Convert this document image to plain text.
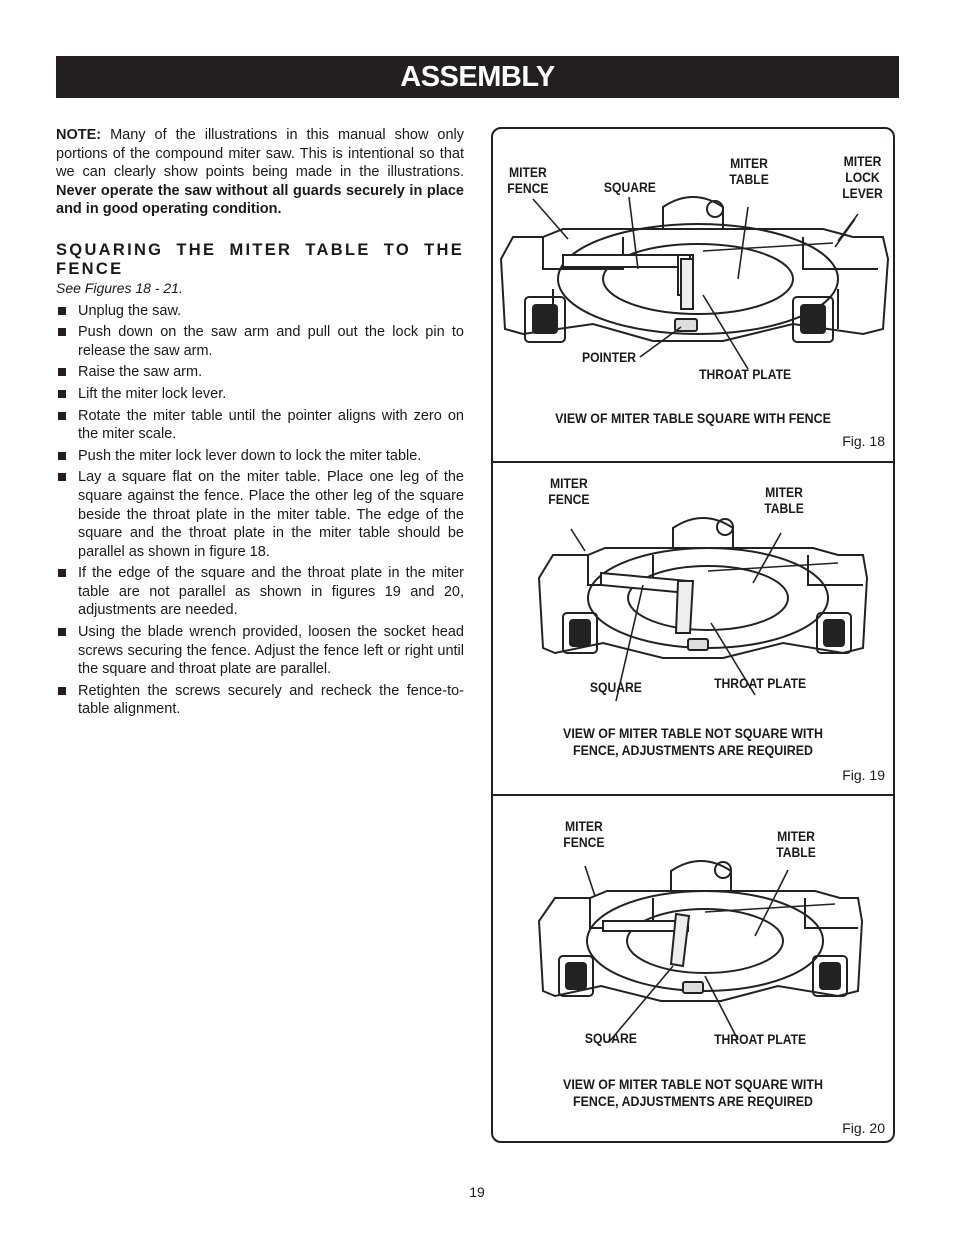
ASSEMBLY

NOTE: Many of the illustrations in this manual show only portions of the compound miter saw. This is intentional so that we can clearly show points being made in the illustrations. Never operate the saw without all guards securely in place and in good operating condition.

SQUARING THE MITER TABLE TO THE FENCE
See Figures 18 - 21.
Unplug the saw.
Push down on the saw arm and pull out the lock pin to release the saw arm.
Raise the saw arm.
Lift the miter lock lever.
Rotate the miter table until the pointer aligns with zero on the miter scale.
Push the miter lock lever down to lock the miter table.
Lay a square flat on the miter table. Place one leg of the square against the fence. Place the other leg of the square beside the throat plate in the miter table. The edge of the square and the throat plate in the miter table should be parallel as shown in figure 18.
If the edge of the square and the throat plate in the miter table are not parallel as shown in figures 19 and 20, adjustments are needed.
Using the blade wrench provided, loosen the socket head screws securing the fence. Adjust the fence left or right until the square and throat plate are parallel.
Retighten the screws securely and recheck the fence-to-table alignment.
MITER
FENCE	SQUARE
MITER
TABLE
MITER
LOCK
LEVER
POINTER
THROAT PLATE
VIEW OF MITER TABLE SQUARE WITH FENCE
Fig. 18
MITER
FENCE	MITER
TABLE
SQUARE	THROAT PLATE
VIEW OF MITER TABLE NOT SQUARE WITH
FENCE, ADJUSTMENTS ARE REQUIRED
Fig. 19
MITER
FENCE	MITER
TABLE
SQUARE	THROAT PLATE
VIEW OF MITER TABLE NOT SQUARE WITH
FENCE, ADJUSTMENTS ARE REQUIRED
Fig. 20
19
